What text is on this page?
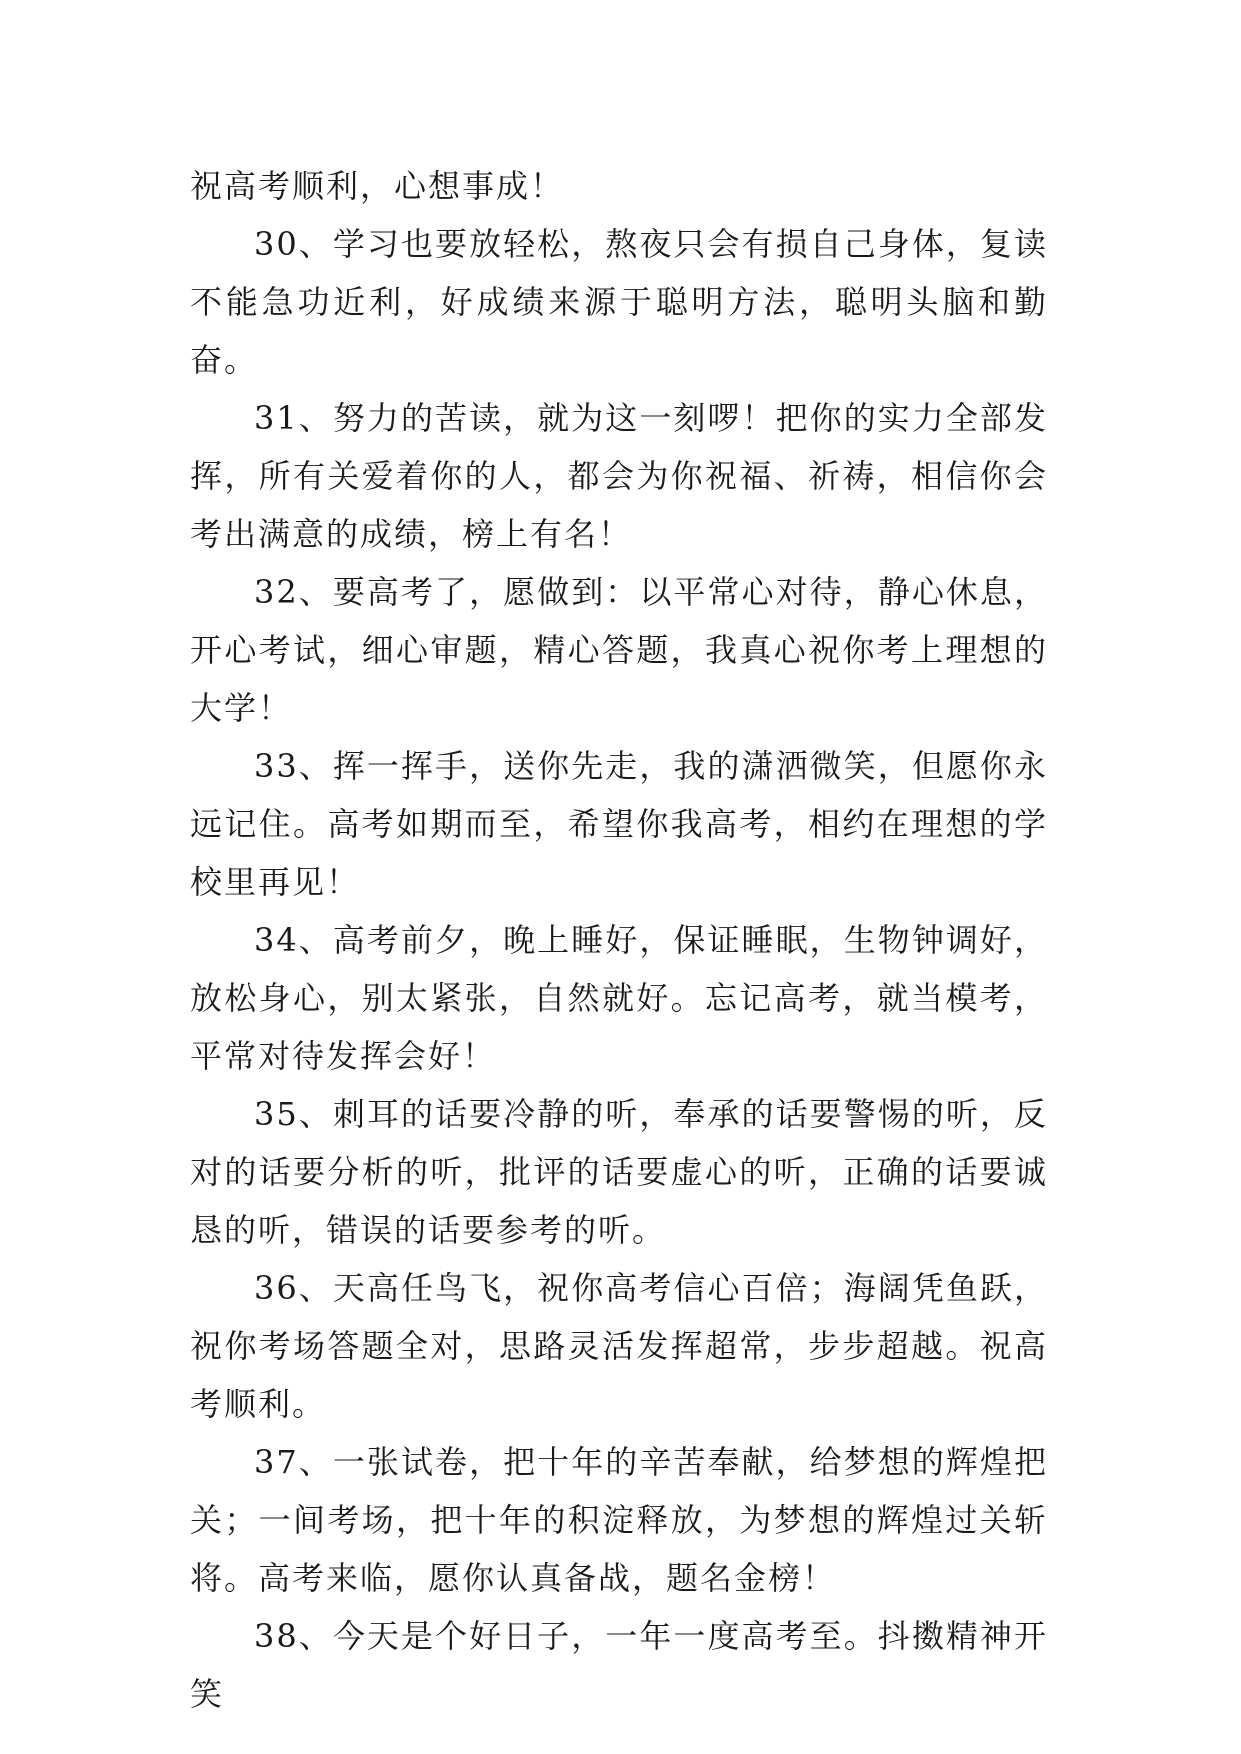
祝高考顺利，心想事成！

30、学习也要放轻松，熬夜只会有损自己身体，复读不能急功近利，好成绩来源于聪明方法，聪明头脑和勤奋。

31、努力的苦读，就为这一刻啰！把你的实力全部发挥，所有关爱着你的人，都会为你祝福、祈祷，相信你会考出满意的成绩，榜上有名！

32、要高考了，愿做到：以平常心对待，静心休息，开心考试，细心审题，精心答题，我真心祝你考上理想的大学！

33、挥一挥手，送你先走，我的潇洒微笑，但愿你永远记住。高考如期而至，希望你我高考，相约在理想的学校里再见！

34、高考前夕，晚上睡好，保证睡眠，生物钟调好，放松身心，别太紧张，自然就好。忘记高考，就当模考，平常对待发挥会好！

35、刺耳的话要冷静的听，奉承的话要警惕的听，反对的话要分析的听，批评的话要虚心的听，正确的话要诚恳的听，错误的话要参考的听。

36、天高任鸟飞，祝你高考信心百倍；海阔凭鱼跃，祝你考场答题全对，思路灵活发挥超常，步步超越。祝高考顺利。

37、一张试卷，把十年的辛苦奉献，给梦想的辉煌把关；一间考场，把十年的积淀释放，为梦想的辉煌过关斩将。高考来临，愿你认真备战，题名金榜！

38、今天是个好日子，一年一度高考至。抖擞精神开笑
